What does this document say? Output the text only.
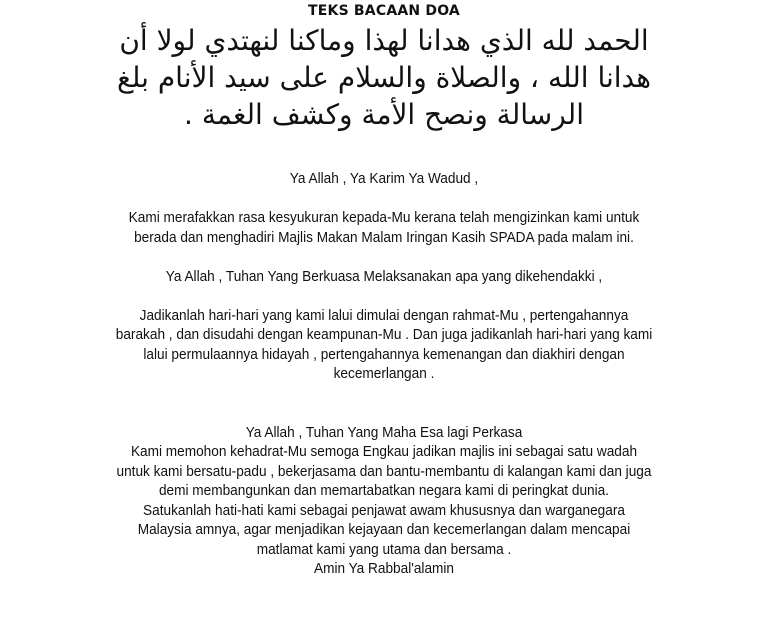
TEKS BACAAN DOA
الحمد لله الذي هدانا لهذا وماكنا لنهتدي لولا أن هدانا الله ، والصلاة والسلام على سيد الأنام بلغ الرسالة ونصح الأمة وكشف الغمة .

Ya Allah , Ya Karim Ya Wadud ,

Kami merafakkan rasa kesyukuran kepada-Mu kerana telah mengizinkan kami untuk berada dan menghadiri Majlis Makan Malam Iringan Kasih SPADA pada malam ini.

Ya Allah , Tuhan Yang Berkuasa Melaksanakan apa yang dikehendakki ,

Jadikanlah hari-hari yang kami lalui dimulai dengan rahmat-Mu , pertengahannya barakah , dan disudahi dengan keampunan-Mu . Dan juga jadikanlah hari-hari yang kami lalui permulaannya hidayah , pertengahannya kemenangan dan diakhiri dengan kecemerlangan .

Ya Allah , Tuhan Yang Maha Esa lagi Perkasa

Kami memohon kehadrat-Mu semoga Engkau jadikan majlis ini sebagai satu wadah untuk kami bersatu-padu , bekerjasama dan bantu-membantu di kalangan kami dan juga demi membangunkan dan memartabatkan negara kami di peringkat dunia.

Satukanlah hati-hati kami sebagai penjawat awam khususnya dan warganegara Malaysia amnya, agar menjadikan kejayaan dan kecemerlangan dalam mencapai matlamat kami yang utama dan bersama .

Amin Ya Rabbal'alamin
